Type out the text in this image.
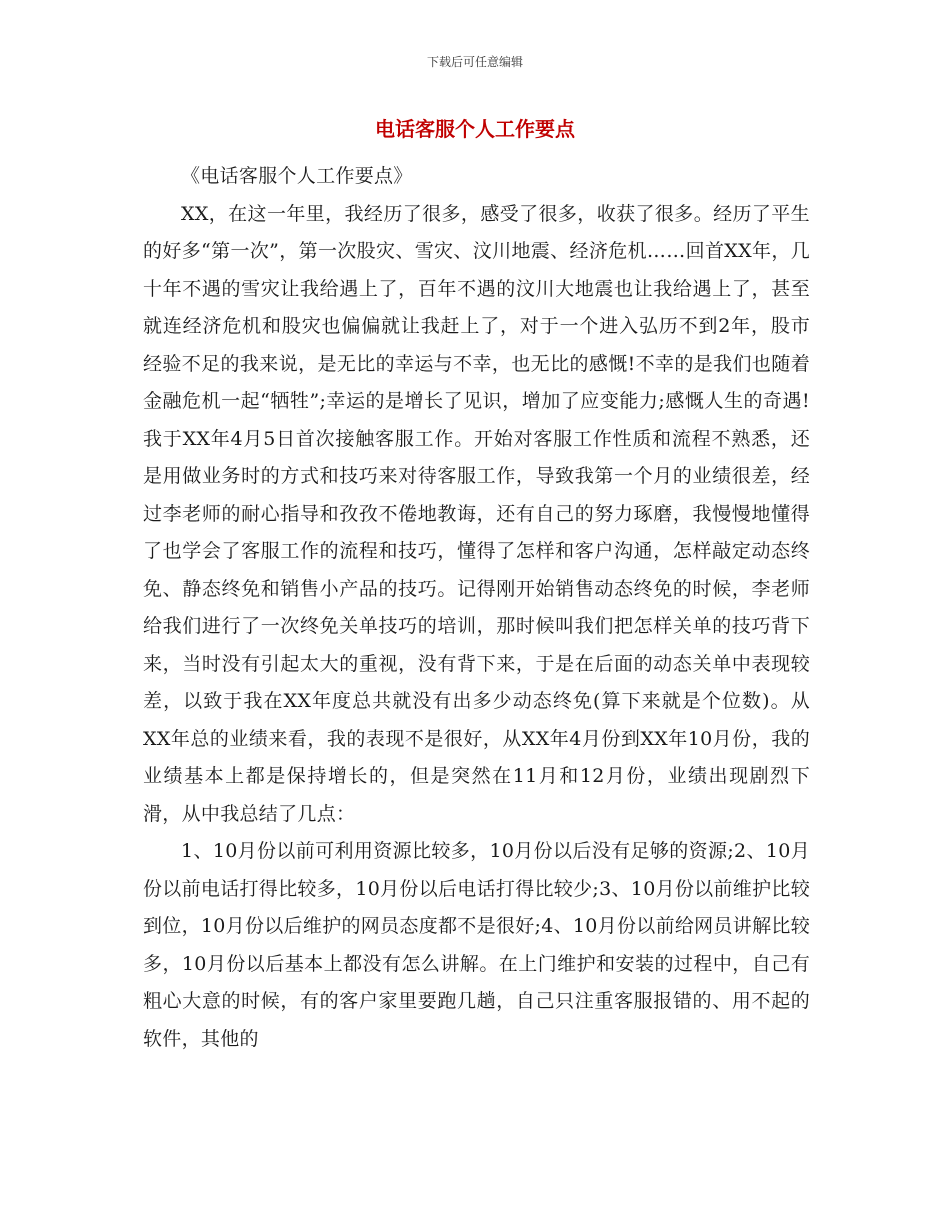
下载后可任意编辑
电话客服个人工作要点

《电话客服个人工作要点》

XX，在这一年里，我经历了很多，感受了很多，收获了很多。经历了平生的好多“第一次”，第一次股灾、雪灾、汶川地震、经济危机……回首XX年，几十年不遇的雪灾让我给遇上了，百年不遇的汶川大地震也让我给遇上了，甚至就连经济危机和股灾也偏偏就让我赶上了，对于一个进入弘历不到2年，股市经验不足的我来说，是无比的幸运与不幸，也无比的感慨!不幸的是我们也随着金融危机一起“牺牲”;幸运的是增长了见识，增加了应变能力;感慨人生的奇遇!我于XX年4月5日首次接触客服工作。开始对客服工作性质和流程不熟悉，还是用做业务时的方式和技巧来对待客服工作，导致我第一个月的业绩很差，经过李老师的耐心指导和孜孜不倦地教诲，还有自己的努力琢磨，我慢慢地懂得了也学会了客服工作的流程和技巧，懂得了怎样和客户沟通，怎样敲定动态终免、静态终免和销售小产品的技巧。记得刚开始销售动态终免的时候，李老师给我们进行了一次终免关单技巧的培训，那时候叫我们把怎样关单的技巧背下来，当时没有引起太大的重视，没有背下来，于是在后面的动态关单中表现较差，以致于我在XX年度总共就没有出多少动态终免(算下来就是个位数)。从XX年总的业绩来看，我的表现不是很好，从XX年4月份到XX年10月份，我的业绩基本上都是保持增长的，但是突然在11月和12月份，业绩出现剧烈下滑，从中我总结了几点：

1、10月份以前可利用资源比较多，10月份以后没有足够的资源;2、10月份以前电话打得比较多，10月份以后电话打得比较少;3、10月份以前维护比较到位，10月份以后维护的网员态度都不是很好;4、10月份以前给网员讲解比较多，10月份以后基本上都没有怎么讲解。在上门维护和安装的过程中，自己有粗心大意的时候，有的客户家里要跑几趟，自己只注重客服报错的、用不起的软件，其他的
